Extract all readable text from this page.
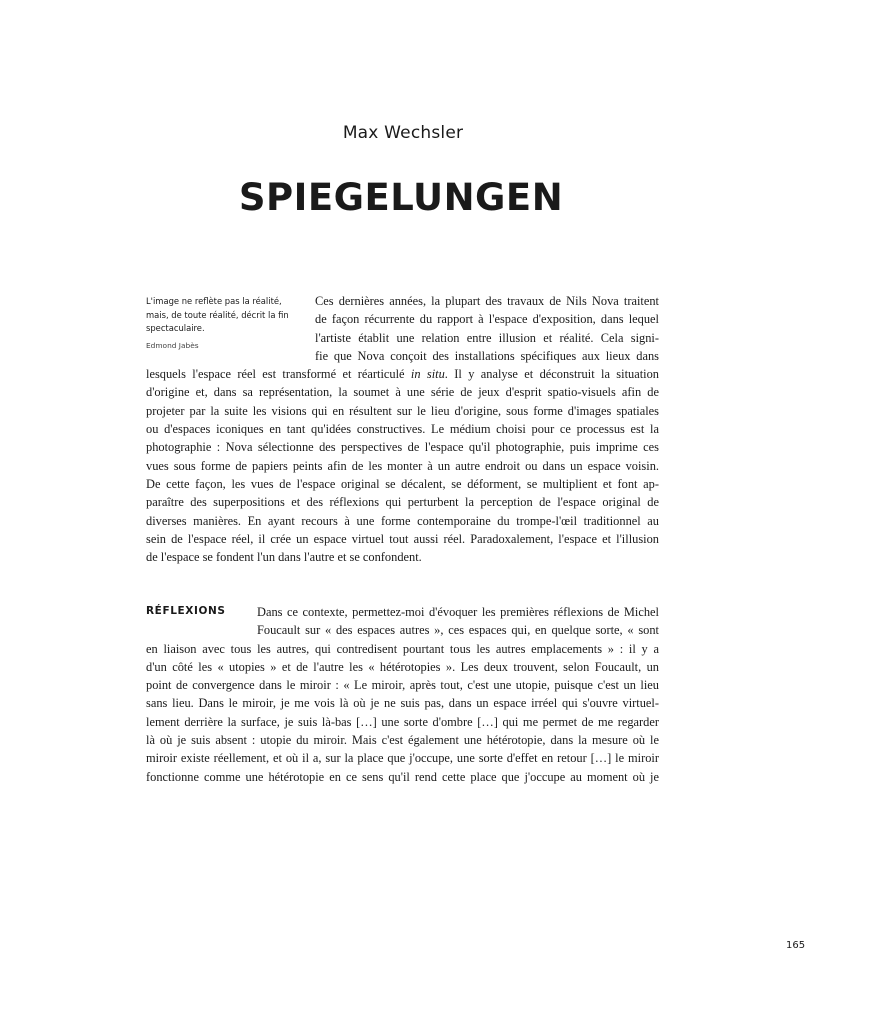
Max Wechsler
SPIEGELUNGEN
L'image ne reflète pas la réalité,
mais, de toute réalité, décrit la fin
spectaculaire.
Edmond Jabès
Ces dernières années, la plupart des travaux de Nils Nova traitent
de façon récurrente du rapport à l'espace d'exposition, dans lequel
l'artiste établit une relation entre illusion et réalité. Cela signi-
fie que Nova conçoit des installations spécifiques aux lieux dans
lesquels l'espace réel est transformé et réarticulé in situ. Il y analyse et déconstruit la situation
d'origine et, dans sa représentation, la soumet à une série de jeux d'esprit spatio-visuels afin de
projeter par la suite les visions qui en résultent sur le lieu d'origine, sous forme d'images spatiales
ou d'espaces iconiques en tant qu'idées constructives. Le médium choisi pour ce processus est la
photographie : Nova sélectionne des perspectives de l'espace qu'il photographie, puis imprime ces
vues sous forme de papiers peints afin de les monter à un autre endroit ou dans un espace voisin.
De cette façon, les vues de l'espace original se décalent, se déforment, se multiplient et font ap-
paraître des superpositions et des réflexions qui perturbent la perception de l'espace original de
diverses manières. En ayant recours à une forme contemporaine du trompe-l'œil traditionnel au
sein de l'espace réel, il crée un espace virtuel tout aussi réel. Paradoxalement, l'espace et l'illusion
de l'espace se fondent l'un dans l'autre et se confondent.
RÉFLEXIONS	Dans ce contexte, permettez-moi d'évoquer les premières réflexions de Michel
Foucault sur « des espaces autres », ces espaces qui, en quelque sorte, « sont
en liaison avec tous les autres, qui contredisent pourtant tous les autres emplacements » : il y a
d'un côté les « utopies » et de l'autre les « hétérotopies ». Les deux trouvent, selon Foucault, un
point de convergence dans le miroir : « Le miroir, après tout, c'est une utopie, puisque c'est un lieu
sans lieu. Dans le miroir, je me vois là où je ne suis pas, dans un espace irréel qui s'ouvre virtuel-
lement derrière la surface, je suis là-bas […] une sorte d'ombre […] qui me permet de me regarder
là où je suis absent : utopie du miroir. Mais c'est également une hétérotopie, dans la mesure où le
miroir existe réellement, et où il a, sur la place que j'occupe, une sorte d'effet en retour […] le miroir
fonctionne comme une hétérotopie en ce sens qu'il rend cette place que j'occupe au moment où je
165
